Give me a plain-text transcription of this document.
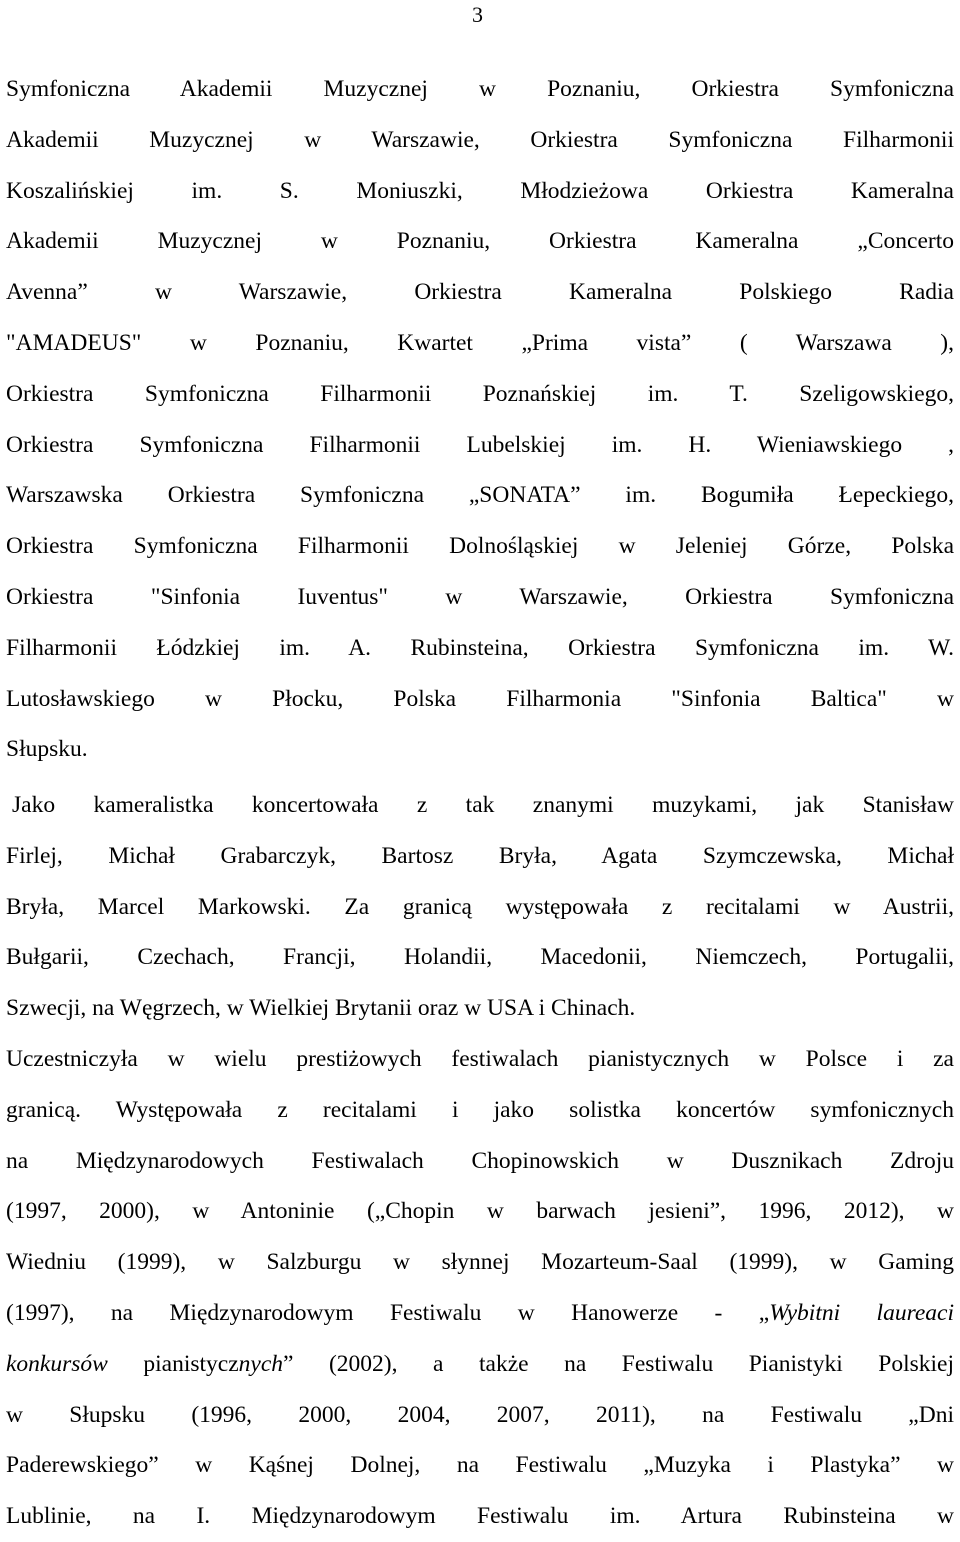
3
Symfoniczna Akademii Muzycznej w Poznaniu, Orkiestra Symfoniczna
Akademii Muzycznej w Warszawie, Orkiestra Symfoniczna Filharmonii
Koszalińskiej im. S. Moniuszki, Młodzieżowa Orkiestra Kameralna
Akademii Muzycznej w Poznaniu, Orkiestra Kameralna „Concerto
Avenna” w Warszawie, Orkiestra Kameralna Polskiego Radia
"AMADEUS" w Poznaniu, Kwartet „Prima vista” ( Warszawa ),
Orkiestra Symfoniczna Filharmonii Poznańskiej im. T. Szeligowskiego,
Orkiestra Symfoniczna Filharmonii Lubelskiej im. H. Wieniawskiego ,
Warszawska Orkiestra Symfoniczna „SONATA” im. Bogumiła Łepeckiego,
Orkiestra Symfoniczna Filharmonii Dolnośląskiej w Jeleniej Górze, Polska
Orkiestra "Sinfonia Iuventus" w Warszawie, Orkiestra Symfoniczna
Filharmonii Łódzkiej im. A. Rubinsteina, Orkiestra Symfoniczna im. W.
Lutosławskiego w Płocku, Polska Filharmonia "Sinfonia Baltica" w
Słupsku.
Jako kameralistka koncertowała z tak znanymi muzykami, jak Stanisław
Firlej, Michał Grabarczyk, Bartosz Bryła, Agata Szymczewska, Michał
Bryła, Marcel Markowski. Za granicą występowała z recitalami w Austrii,
Bułgarii, Czechach, Francji, Holandii, Macedonii, Niemczech, Portugalii,
Szwecji, na Węgrzech, w Wielkiej Brytanii oraz w USA i Chinach.
Uczestniczyła w wielu prestiżowych festiwalach pianistycznych w Polsce i za
granicą. Występowała z recitalami i jako solistka koncertów symfonicznych
na Międzynarodowych Festiwalach Chopinowskich w Dusznikach Zdroju
(1997, 2000), w Antoninie („Chopin w barwach jesieni”, 1996, 2012), w
Wiedniu (1999), w Salzburgu w słynnej Mozarteum-Saal (1999), w Gaming
(1997), na Międzynarodowym Festiwalu w Hanowerze - „Wybitni laureaci
konkursów pianistycznych” (2002), a także na Festiwalu Pianistyki Polskiej
w Słupsku (1996, 2000, 2004, 2007, 2011), na Festiwalu „Dni
Paderewskiego” w Kąśnej Dolnej, na Festiwalu „Muzyka i Plastyka” w
Lublinie, na I. Międzynarodowym Festiwalu im. Artura Rubinsteina w
